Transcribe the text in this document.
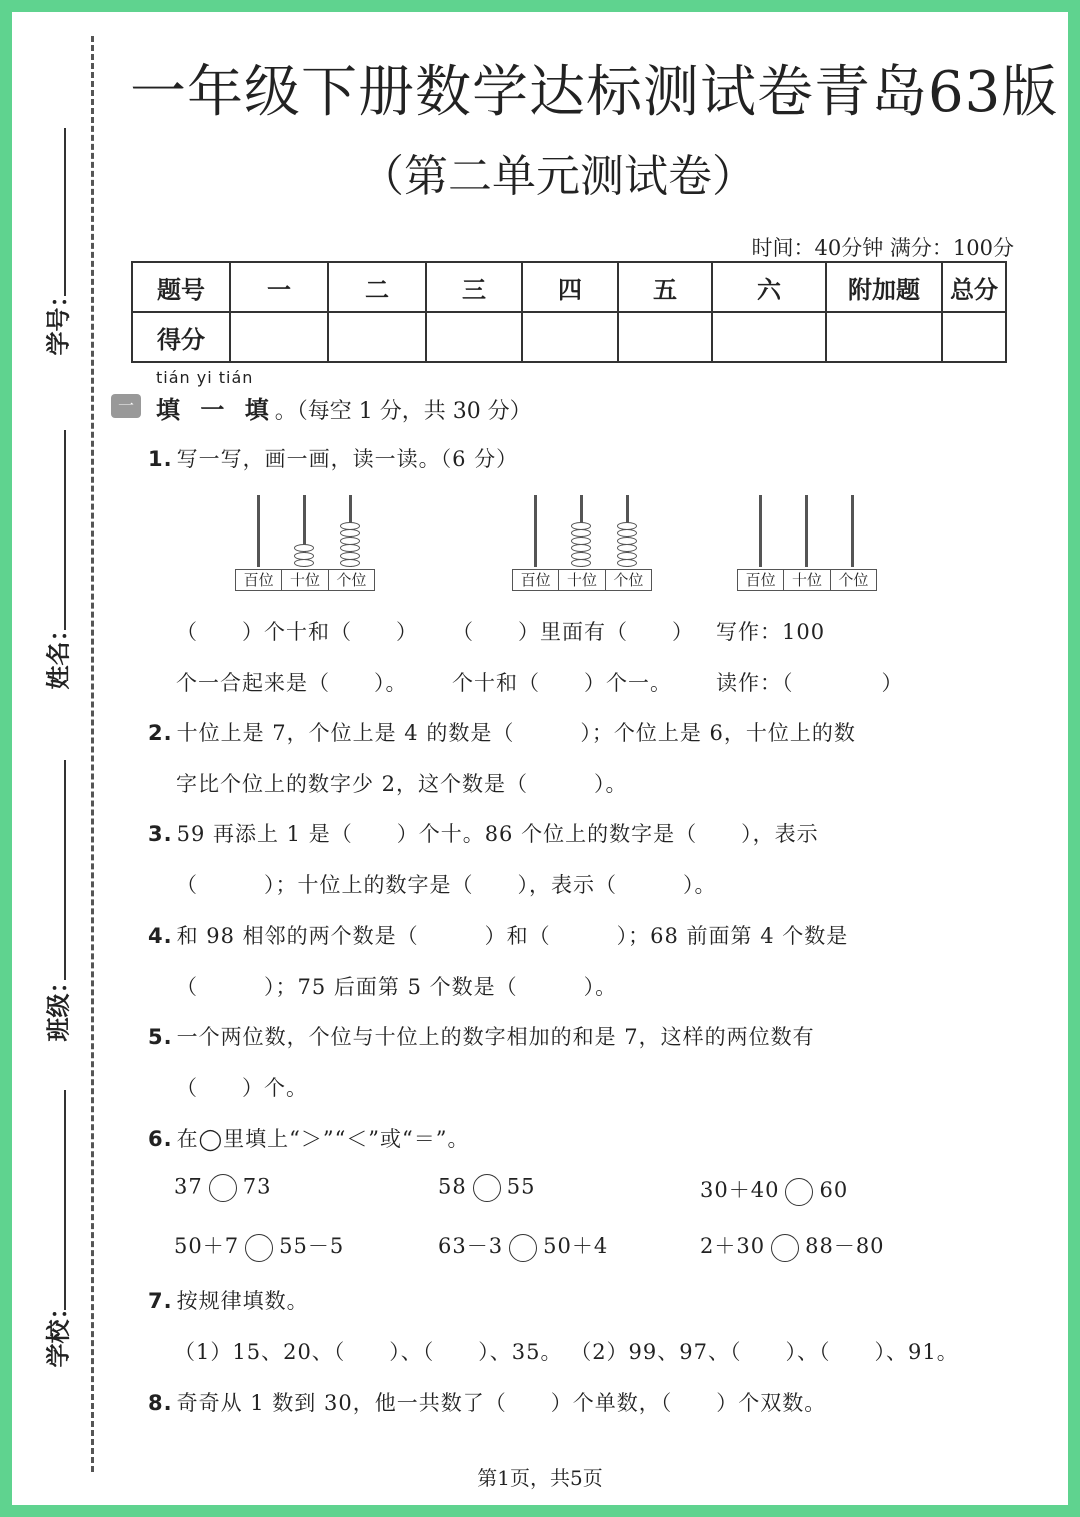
学号：
姓名：
班级：
学校：
一年级下册数学达标测试卷青岛63版
（第二单元测试卷）
时间：40分钟 满分：100分
题号	一	二	三	四	五	六	附加题	总分
得分								
tián yi tián
一 填 一 填。（每空 1 分，共 30 分）
1. 写一写，画一画，读一读。（6 分）
百位	十位	个位	百位	十位	个位	百位	十位	个位
（　　）个十和（　　）
个一合起来是（　　）。
（　　）里面有（　　）
个十和（　　）个一。
写作：100
读作：（　　　　）
2. 十位上是 7，个位上是 4 的数是（　　　）；个位上是 6，十位上的数
字比个位上的数字少 2，这个数是（　　　）。
3. 59 再添上 1 是（　　）个十。86 个位上的数字是（　　），表示
（　　　）；十位上的数字是（　　），表示（　　　）。
4. 和 98 相邻的两个数是（　　　）和（　　　）；68 前面第 4 个数是
（　　　）；75 后面第 5 个数是（　　　）。
5. 一个两位数，个位与十位上的数字相加的和是 7，这样的两位数有
（　　）个。
6. 在◯里填上“＞”“＜”或“＝”。
37 73	58 55	30＋40 60
50＋7 55－5	63－3 50＋4	2＋30 88－80
7. 按规律填数。
（1）15、20、（　　）、（　　）、35。 （2）99、97、（　　）、（　　）、91。
8. 奇奇从 1 数到 30，他一共数了（　　）个单数，（　　）个双数。
第1页，共5页
